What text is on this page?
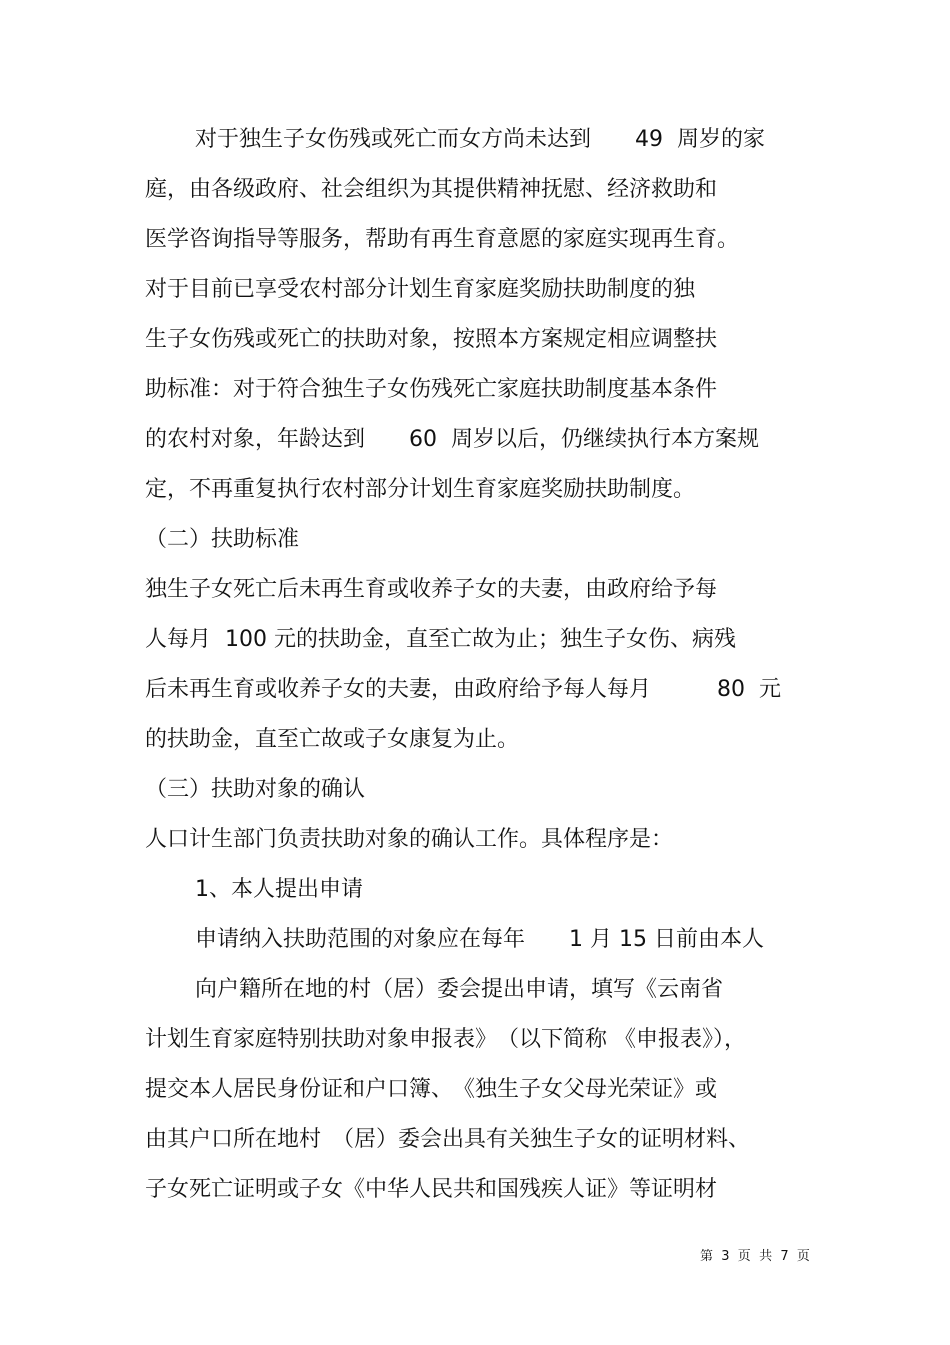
对于独生子女伤残或死亡而女方尚未达到　　49  周岁的家
庭，由各级政府、社会组织为其提供精神抚慰、经济救助和
医学咨询指导等服务，帮助有再生育意愿的家庭实现再生育。
对于目前已享受农村部分计划生育家庭奖励扶助制度的独
生子女伤残或死亡的扶助对象，按照本方案规定相应调整扶
助标准：对于符合独生子女伤残死亡家庭扶助制度基本条件
的农村对象，年龄达到　　60  周岁以后，仍继续执行本方案规
定，不再重复执行农村部分计划生育家庭奖励扶助制度。
（二）扶助标准
独生子女死亡后未再生育或收养子女的夫妻，由政府给予每
人每月  100 元的扶助金，直至亡故为止；独生子女伤、病残
后未再生育或收养子女的夫妻，由政府给予每人每月　　　80  元
的扶助金，直至亡故或子女康复为止。
（三）扶助对象的确认
人口计生部门负责扶助对象的确认工作。具体程序是：
1、本人提出申请
申请纳入扶助范围的对象应在每年　　1 月 15 日前由本人
向户籍所在地的村（居）委会提出申请，填写《云南省
计划生育家庭特别扶助对象申报表》　（以下简称 《申报表》），
提交本人居民身份证和户口簿、　《独生子女父母光荣证》或
由其户口所在地村　（居）委会出具有关独生子女的证明材料、
子女死亡证明或子女《中华人民共和国残疾人证》等证明材
第  3  页  共  7  页
